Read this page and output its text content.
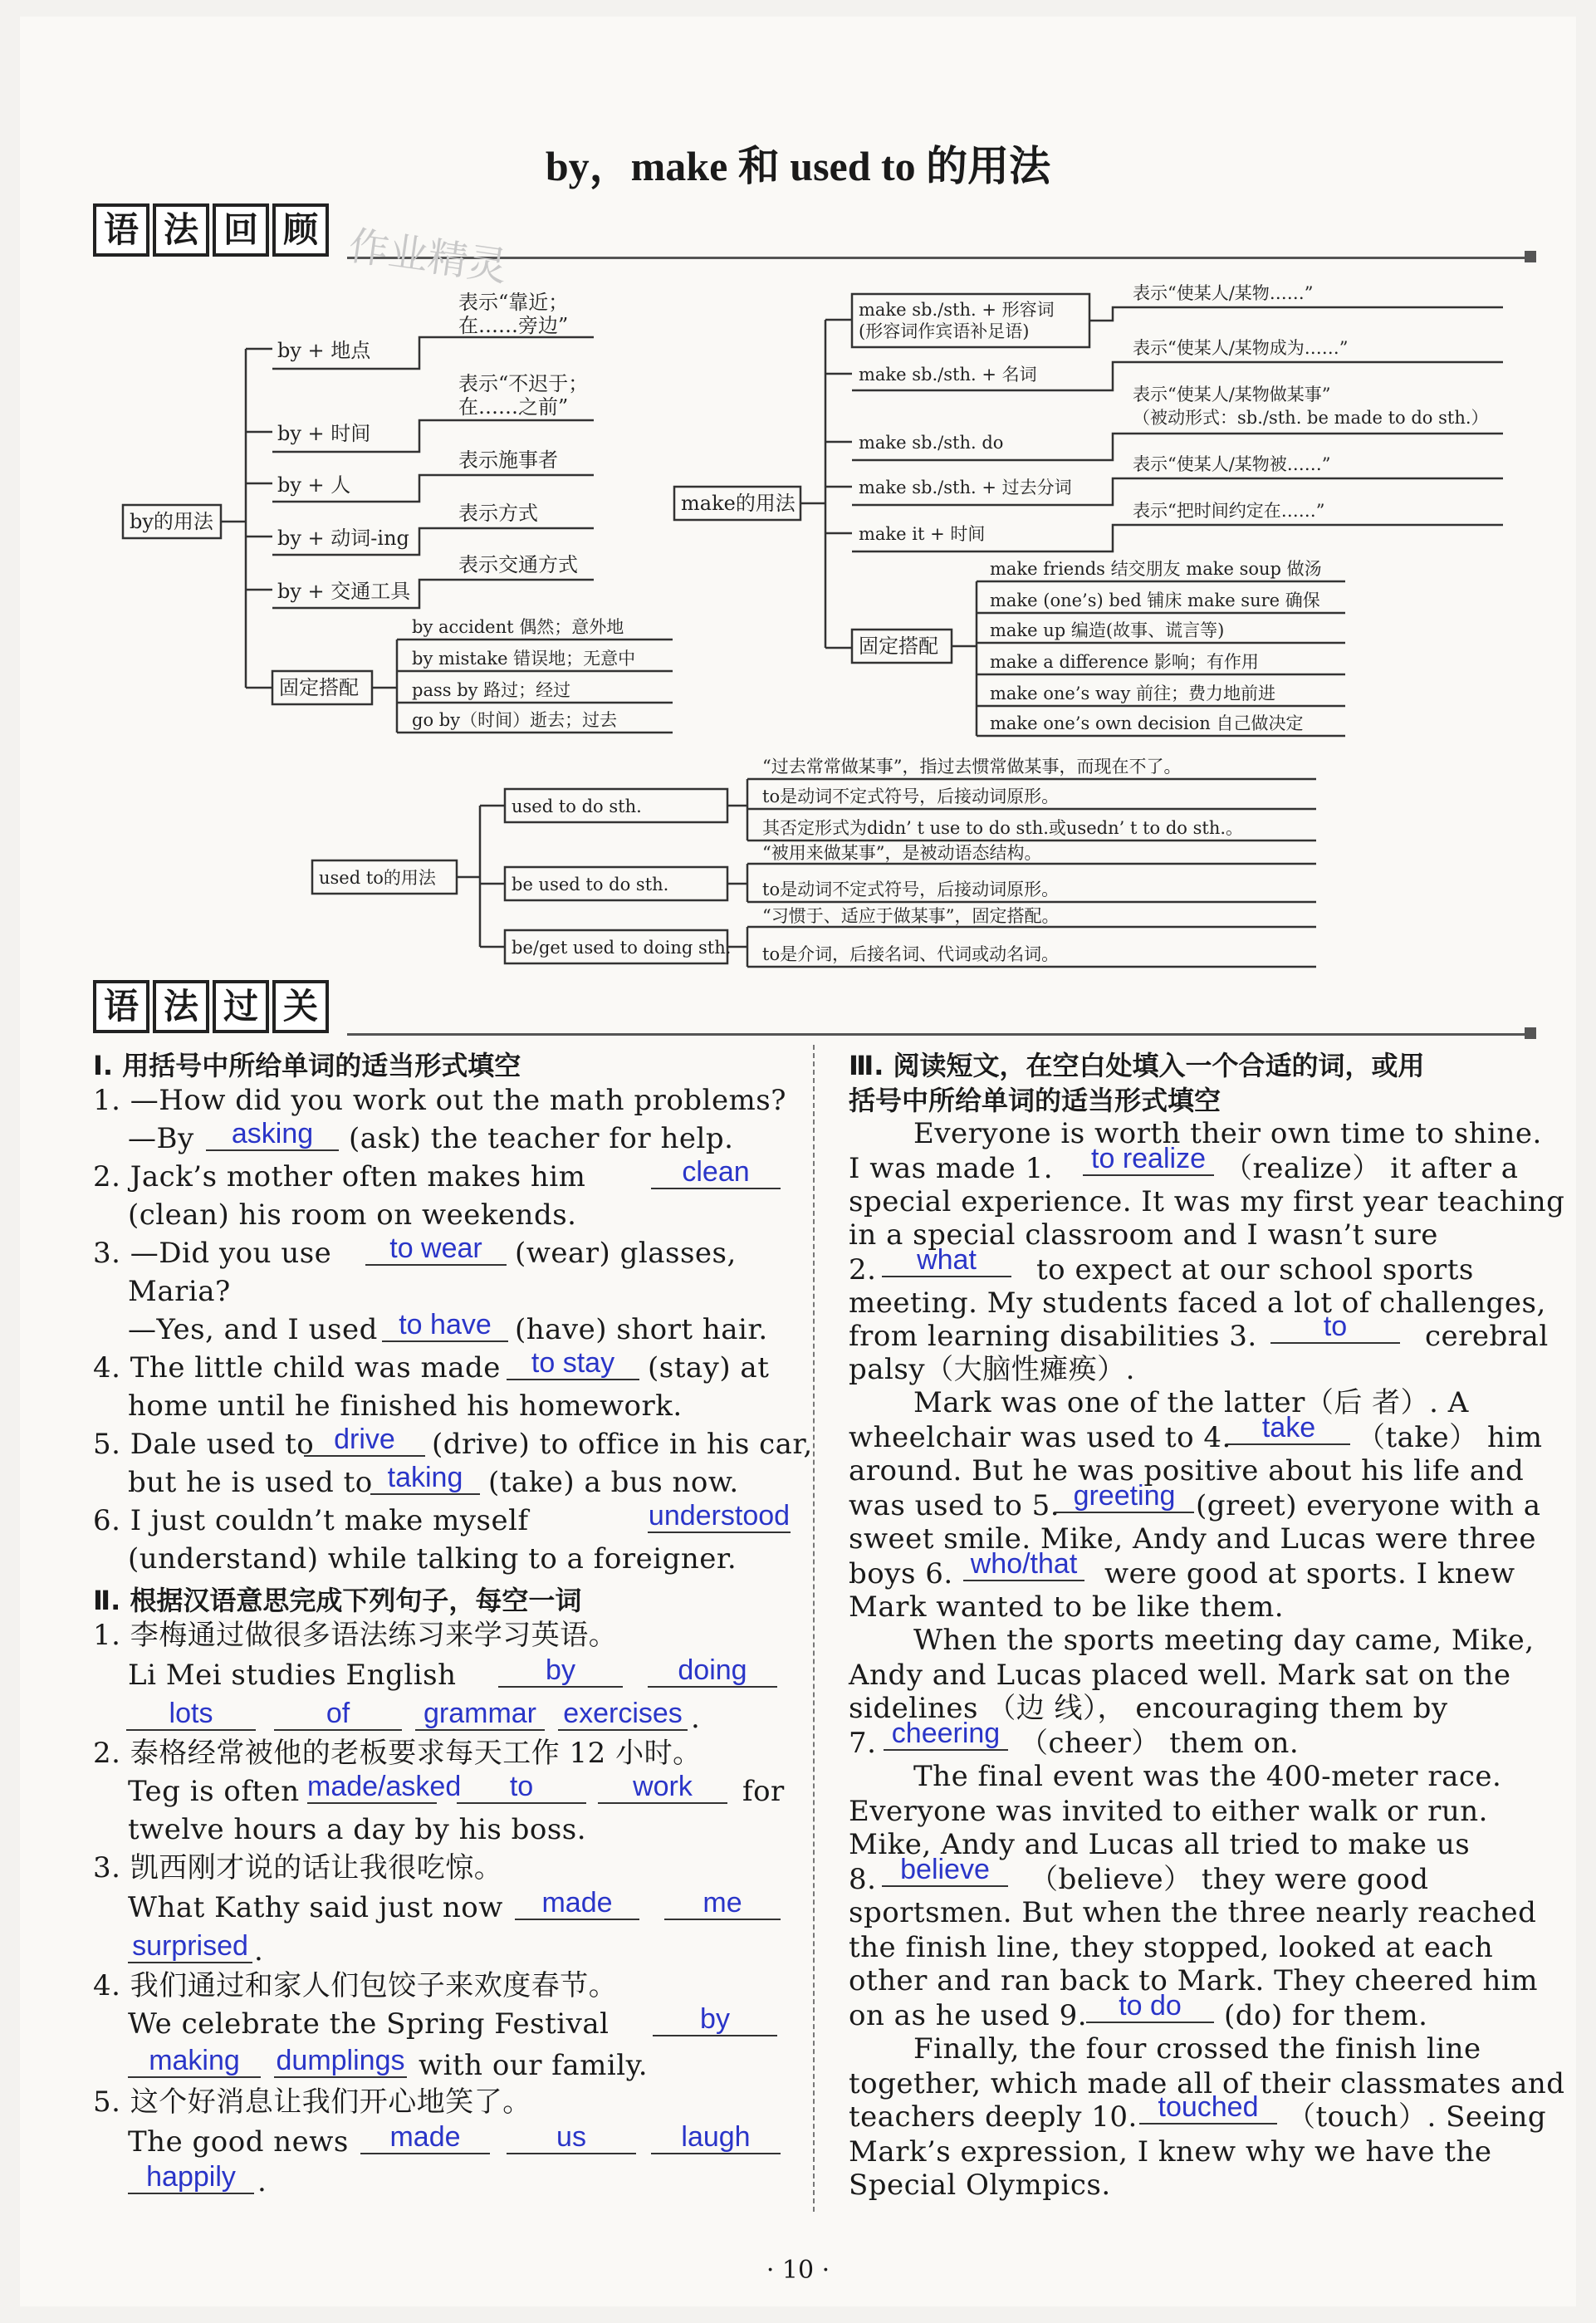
by，make 和 used to 的用法
语 法 回 顾 作业精灵
by的用法
by + 地点
by + 时间
by + 人
by + 动词-ing
by + 交通工具
固定搭配
表示“靠近；
在……旁边”
表示“不迟于；
在……之前”
表示施事者
表示方式
表示交通方式
by accident 偶然；意外地
by mistake 错误地；无意中
pass by 路过；经过
go by（时间）逝去；过去
make的用法
make sb./sth. + 形容词
(形容词作宾语补足语)
make sb./sth. + 名词
make sb./sth. do
make sb./sth. + 过去分词
make it + 时间
表示“使某人/某物……”
表示“使某人/某物成为……”
表示“使某人/某物做某事”
（被动形式：sb./sth. be made to do sth.）
表示“使某人/某物被……”
表示“把时间约定在……”
固定搭配
make friends 结交朋友 make soup 做汤
make (one’s) bed 铺床 make sure 确保
make up 编造(故事、谎言等)
make a difference 影响；有作用
make one’s way 前往；费力地前进
make one’s own decision 自己做决定
used to的用法
used to do sth.
be used to do sth.
be/get used to doing sth.
“过去常常做某事”，指过去惯常做某事，而现在不了。
to是动词不定式符号，后接动词原形。
其否定形式为didn’ t use to do sth.或usedn’ t to do sth.。
“被用来做某事”，是被动语态结构。
to是动词不定式符号，后接动词原形。
“习惯于、适应于做某事”，固定搭配。
to是介词，后接名词、代词或动名词。
语 法 过 关
Ⅰ. 用括号中所给单词的适当形式填空
1. —How did you work out the math problems?
—By	asking	(ask) the teacher for help.
2. Jack’s mother often makes him	clean
(clean) his room on weekends.
3. —Did you use	to wear	(wear) glasses,
Maria?
—Yes, and I used to have (have) short hair.
4. The little child was made	to stay	(stay) at
home until he finished his homework.
5. Dale used to drive	(drive) to office in his car,
but he is used to taking (take) a bus now.
6. I just couldn’t make myself	understood
(understand) while talking to a foreigner.
Ⅱ. 根据汉语意思完成下列句子，每空一词
1. 李梅通过做很多语法练习来学习英语。
Li Mei studies English	by	doing
lots	of	grammar exercises .
2. 泰格经常被他的老板要求每天工作 12 小时。
Teg is often made/asked	to	work	for
twelve hours a day by his boss.
3. 凯西刚才说的话让我很吃惊。
What Kathy said just now	made	me
surprised .
4. 我们通过和家人们包饺子来欢度春节。
We celebrate the Spring Festival	by
making	dumplings with our family.
5. 这个好消息让我们开心地笑了。
The good news	made	us	laugh
happily .
Ⅲ. 阅读短文，在空白处填入一个合适的词，或用
括号中所给单词的适当形式填空
Everyone is worth their own time to shine.
I was made 1. to realize （realize） it after a
special experience. It was my first year teaching
in a special classroom and I wasn’t sure
2.	what	to expect at our school sports
meeting. My students faced a lot of challenges,
from learning disabilities 3.	to	cerebral
palsy（大脑性瘫痪）.
Mark was one of the latter（后 者）. A
wheelchair was used to 4.	take	（take） him
around. But he was positive about his life and
was used to 5. greeting (greet) everyone with a
sweet smile. Mike, Andy and Lucas were three
boys 6. who/that were good at sports. I knew
Mark wanted to be like them.
When the sports meeting day came, Mike,
Andy and Lucas placed well. Mark sat on the
sidelines （边 线）， encouraging them by
7. cheering （cheer） them on.
The final event was the 400-meter race.
Everyone was invited to either walk or run.
Mike, Andy and Lucas all tried to make us
8. believe	（believe） they were good
sportsmen. But when the three nearly reached
the finish line, they stopped, looked at each
other and ran back to Mark. They cheered him
on as he used 9.	to do	(do) for them.
Finally, the four crossed the finish line
together, which made all of their classmates and
teachers deeply 10. touched	（touch）. Seeing
Mark’s expression, I knew why we have the
Special Olympics.
· 10 ·
